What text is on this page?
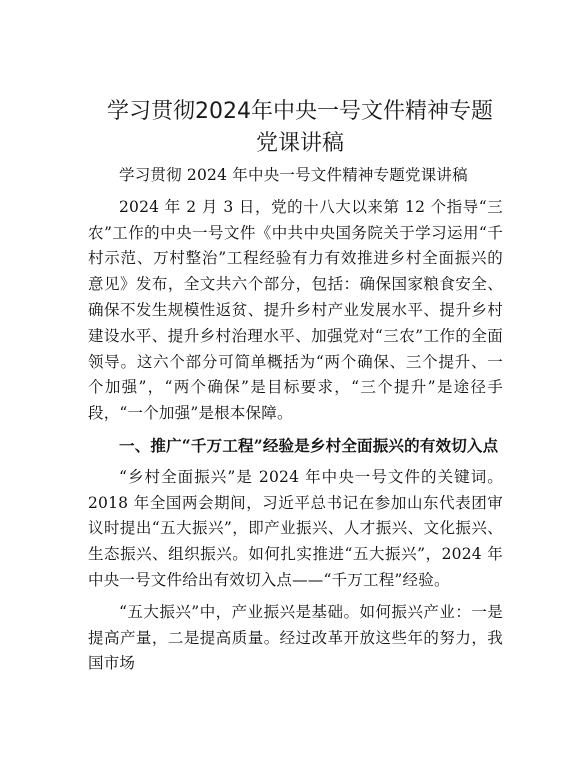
学习贯彻2024年中央一号文件精神专题党课讲稿

学习贯彻 2024 年中央一号文件精神专题党课讲稿

2024 年 2 月 3 日，党的十八大以来第 12 个指导“三农”工作的中央一号文件《中共中央国务院关于学习运用“千村示范、万村整治”工程经验有力有效推进乡村全面振兴的意见》发布，全文共六个部分，包括：确保国家粮食安全、确保不发生规模性返贫、提升乡村产业发展水平、提升乡村建设水平、提升乡村治理水平、加强党对“三农”工作的全面领导。这六个部分可简单概括为“两个确保、三个提升、一个加强”，“两个确保”是目标要求，“三个提升”是途径手段，“一个加强”是根本保障。

一、推广“千万工程”经验是乡村全面振兴的有效切入点

“乡村全面振兴”是 2024 年中央一号文件的关键词。2018 年全国两会期间，习近平总书记在参加山东代表团审议时提出“五大振兴”，即产业振兴、人才振兴、文化振兴、生态振兴、组织振兴。如何扎实推进“五大振兴”，2024 年中央一号文件给出有效切入点——“千万工程”经验。

“五大振兴”中，产业振兴是基础。如何振兴产业：一是提高产量，二是提高质量。经过改革开放这些年的努力，我国市场
